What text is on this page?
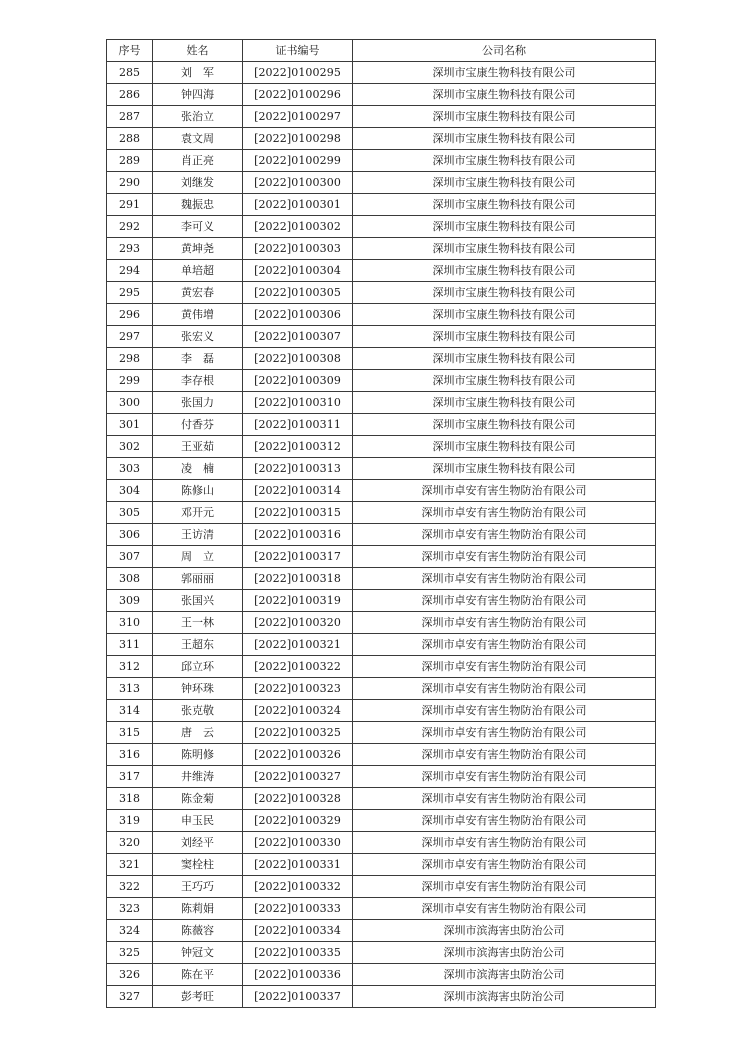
序号	姓名	证书编号	公司名称
285	刘　军	[2022]0100295	深圳市宝康生物科技有限公司
286	钟四海	[2022]0100296	深圳市宝康生物科技有限公司
287	张治立	[2022]0100297	深圳市宝康生物科技有限公司
288	袁文周	[2022]0100298	深圳市宝康生物科技有限公司
289	肖正亮	[2022]0100299	深圳市宝康生物科技有限公司
290	刘继发	[2022]0100300	深圳市宝康生物科技有限公司
291	魏振忠	[2022]0100301	深圳市宝康生物科技有限公司
292	李可义	[2022]0100302	深圳市宝康生物科技有限公司
293	黄坤尧	[2022]0100303	深圳市宝康生物科技有限公司
294	单培超	[2022]0100304	深圳市宝康生物科技有限公司
295	黄宏春	[2022]0100305	深圳市宝康生物科技有限公司
296	黄伟增	[2022]0100306	深圳市宝康生物科技有限公司
297	张宏义	[2022]0100307	深圳市宝康生物科技有限公司
298	李　磊	[2022]0100308	深圳市宝康生物科技有限公司
299	李存根	[2022]0100309	深圳市宝康生物科技有限公司
300	张国力	[2022]0100310	深圳市宝康生物科技有限公司
301	付香芬	[2022]0100311	深圳市宝康生物科技有限公司
302	王亚茹	[2022]0100312	深圳市宝康生物科技有限公司
303	凌　楠	[2022]0100313	深圳市宝康生物科技有限公司
304	陈修山	[2022]0100314	深圳市卓安有害生物防治有限公司
305	邓开元	[2022]0100315	深圳市卓安有害生物防治有限公司
306	王访清	[2022]0100316	深圳市卓安有害生物防治有限公司
307	周　立	[2022]0100317	深圳市卓安有害生物防治有限公司
308	郭丽丽	[2022]0100318	深圳市卓安有害生物防治有限公司
309	张国兴	[2022]0100319	深圳市卓安有害生物防治有限公司
310	王一林	[2022]0100320	深圳市卓安有害生物防治有限公司
311	王超东	[2022]0100321	深圳市卓安有害生物防治有限公司
312	邱立环	[2022]0100322	深圳市卓安有害生物防治有限公司
313	钟环珠	[2022]0100323	深圳市卓安有害生物防治有限公司
314	张克敬	[2022]0100324	深圳市卓安有害生物防治有限公司
315	唐　云	[2022]0100325	深圳市卓安有害生物防治有限公司
316	陈明修	[2022]0100326	深圳市卓安有害生物防治有限公司
317	井维涛	[2022]0100327	深圳市卓安有害生物防治有限公司
318	陈金菊	[2022]0100328	深圳市卓安有害生物防治有限公司
319	申玉民	[2022]0100329	深圳市卓安有害生物防治有限公司
320	刘经平	[2022]0100330	深圳市卓安有害生物防治有限公司
321	窦栓柱	[2022]0100331	深圳市卓安有害生物防治有限公司
322	王巧巧	[2022]0100332	深圳市卓安有害生物防治有限公司
323	陈莉娟	[2022]0100333	深圳市卓安有害生物防治有限公司
324	陈薇容	[2022]0100334	深圳市滨海害虫防治公司
325	钟冠文	[2022]0100335	深圳市滨海害虫防治公司
326	陈在平	[2022]0100336	深圳市滨海害虫防治公司
327	彭考旺	[2022]0100337	深圳市滨海害虫防治公司
